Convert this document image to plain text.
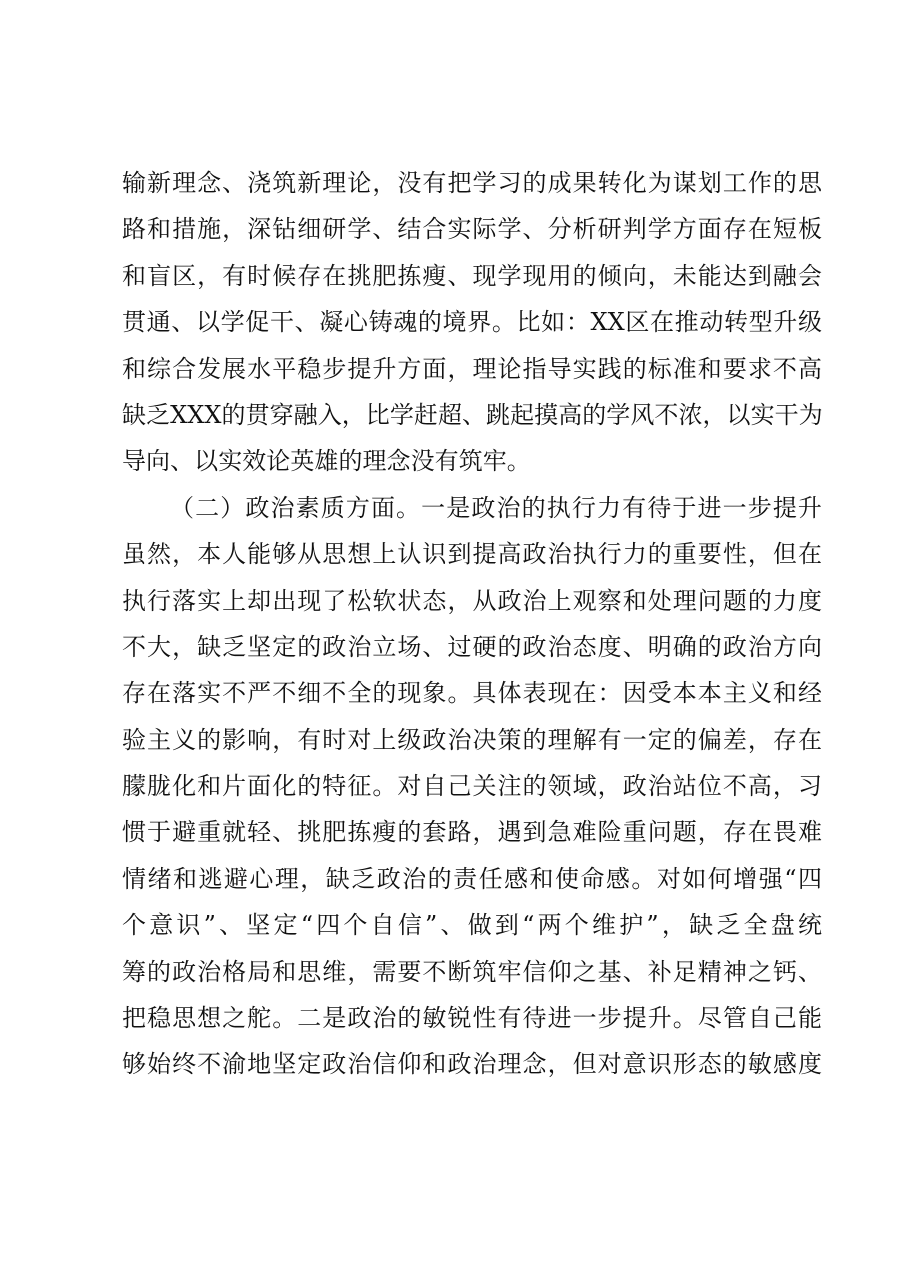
输新理念、浇筑新理论，没有把学习的成果转化为谋划工作的思
路和措施，深钻细研学、结合实际学、分析研判学方面存在短板
和盲区，有时候存在挑肥拣瘦、现学现用的倾向，未能达到融会
贯通、以学促干、凝心铸魂的境界。比如：XX区在推动转型升级
和综合发展水平稳步提升方面，理论指导实践的标准和要求不高
缺乏XXX的贯穿融入，比学赶超、跳起摸高的学风不浓，以实干为
导向、以实效论英雄的理念没有筑牢。
（二）政治素质方面。一是政治的执行力有待于进一步提升
虽然，本人能够从思想上认识到提高政治执行力的重要性，但在
执行落实上却出现了松软状态，从政治上观察和处理问题的力度
不大，缺乏坚定的政治立场、过硬的政治态度、明确的政治方向
存在落实不严不细不全的现象。具体表现在：因受本本主义和经
验主义的影响，有时对上级政治决策的理解有一定的偏差，存在
朦胧化和片面化的特征。对自己关注的领域，政治站位不高，习
惯于避重就轻、挑肥拣瘦的套路，遇到急难险重问题，存在畏难
情绪和逃避心理，缺乏政治的责任感和使命感。对如何增强“四
个意识”、坚定“四个自信”、做到“两个维护”，缺乏全盘统
筹的政治格局和思维，需要不断筑牢信仰之基、补足精神之钙、
把稳思想之舵。二是政治的敏锐性有待进一步提升。尽管自己能
够始终不渝地坚定政治信仰和政治理念，但对意识形态的敏感度
